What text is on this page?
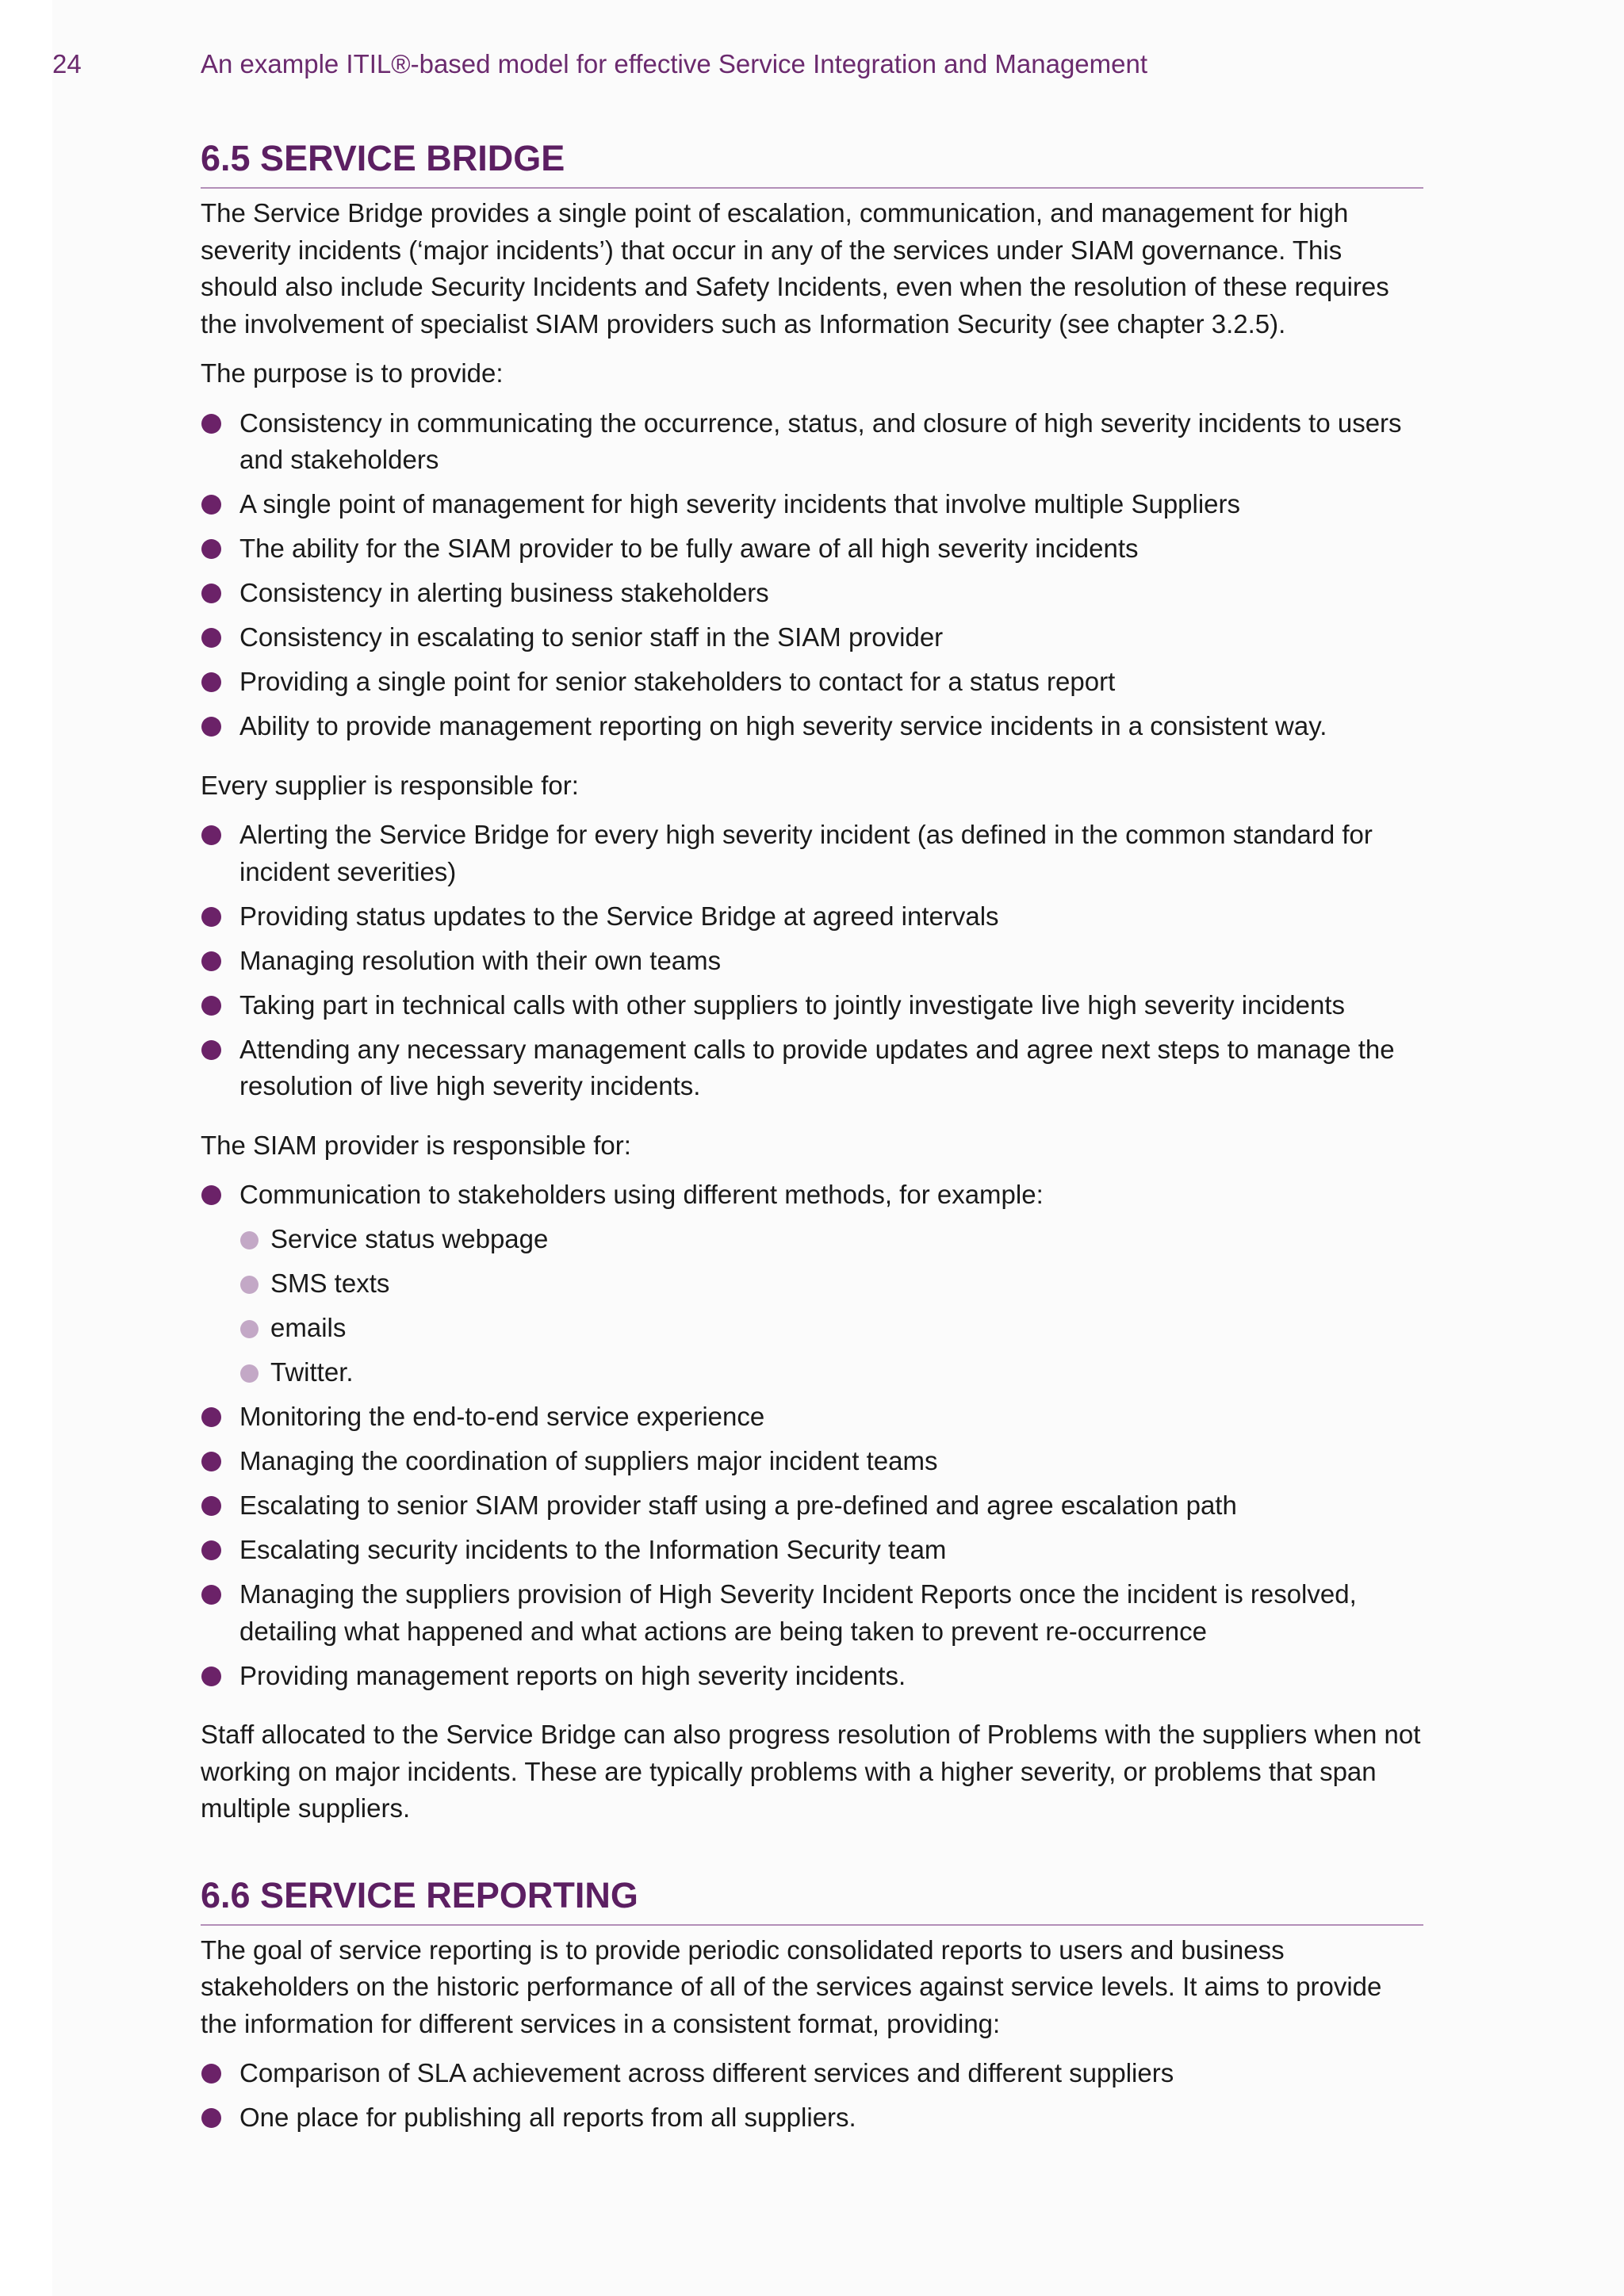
24	An example ITIL®-based model for effective Service Integration and Management
6.5 SERVICE BRIDGE

The Service Bridge provides a single point of escalation, communication, and management for high severity incidents (‘major incidents’) that occur in any of the services under SIAM governance. This should also include Security Incidents and Safety Incidents, even when the resolution of these requires the involvement of specialist SIAM providers such as Information Security (see chapter 3.2.5).

The purpose is to provide:

Consistency in communicating the occurrence, status, and closure of high severity incidents to users and stakeholders
A single point of management for high severity incidents that involve multiple Suppliers
The ability for the SIAM provider to be fully aware of all high severity incidents
Consistency in alerting business stakeholders
Consistency in escalating to senior staff in the SIAM provider
Providing a single point for senior stakeholders to contact for a status report
Ability to provide management reporting on high severity service incidents in a consistent way.

Every supplier is responsible for:

Alerting the Service Bridge for every high severity incident (as defined in the common standard for incident severities)
Providing status updates to the Service Bridge at agreed intervals
Managing resolution with their own teams
Taking part in technical calls with other suppliers to jointly investigate live high severity incidents
Attending any necessary management calls to provide updates and agree next steps to manage the resolution of live high severity incidents.

The SIAM provider is responsible for:

Communication to stakeholders using different methods, for example:
Service status webpage
SMS texts
emails
Twitter.
Monitoring the end-to-end service experience
Managing the coordination of suppliers major incident teams
Escalating to senior SIAM provider staff using a pre-defined and agree escalation path
Escalating security incidents to the Information Security team
Managing the suppliers provision of High Severity Incident Reports once the incident is resolved, detailing what happened and what actions are being taken to prevent re-occurrence
Providing management reports on high severity incidents.

Staff allocated to the Service Bridge can also progress resolution of Problems with the suppliers when not working on major incidents. These are typically problems with a higher severity, or problems that span multiple suppliers.

6.6 SERVICE REPORTING

The goal of service reporting is to provide periodic consolidated reports to users and business stakeholders on the historic performance of all of the services against service levels. It aims to provide the information for different services in a consistent format, providing:

Comparison of SLA achievement across different services and different suppliers
One place for publishing all reports from all suppliers.
